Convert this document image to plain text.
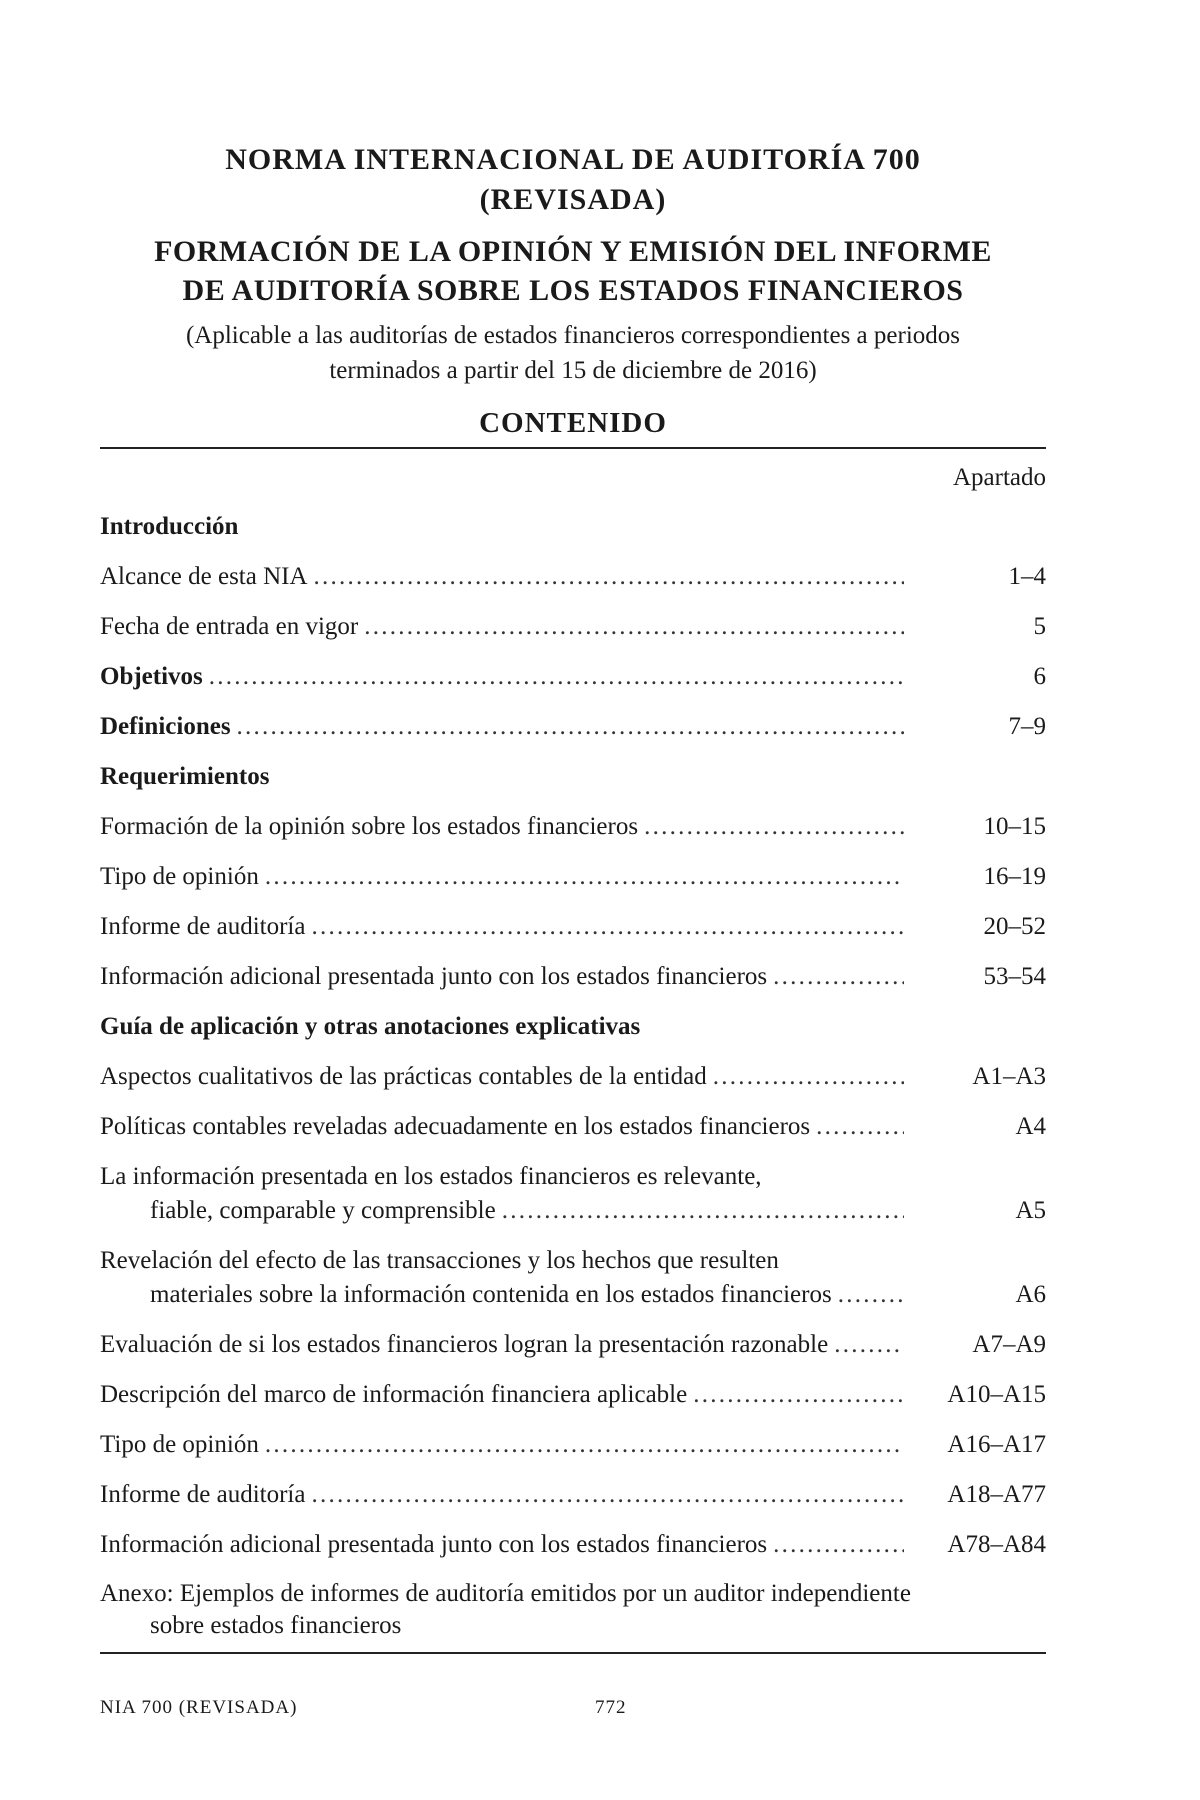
NORMA INTERNACIONAL DE AUDITORÍA 700
(REVISADA)
FORMACIÓN DE LA OPINIÓN Y EMISIÓN DEL INFORME
DE AUDITORÍA SOBRE LOS ESTADOS FINANCIEROS
(Aplicable a las auditorías de estados financieros correspondientes a periodos
terminados a partir del 15 de diciembre de 2016)
CONTENIDO
Apartado
Introducción
Alcance de esta NIA . . .	1–4
Fecha de entrada en vigor . . .	5
Objetivos . . .	6
Definiciones . . .	7–9
Requerimientos
Formación de la opinión sobre los estados financieros . . .	10–15
Tipo de opinión . . .	16–19
Informe de auditoría . . .	20–52
Información adicional presentada junto con los estados financieros . . .	53–54
Guía de aplicación y otras anotaciones explicativas
Aspectos cualitativos de las prácticas contables de la entidad . . .	A1–A3
Políticas contables reveladas adecuadamente en los estados financieros . . .	A4
La información presentada en los estados financieros es relevante,
fiable, comparable y comprensible . . .	A5
Revelación del efecto de las transacciones y los hechos que resulten
materiales sobre la información contenida en los estados financieros . . .	A6
Evaluación de si los estados financieros logran la presentación razonable . . .	A7–A9
Descripción del marco de información financiera aplicable . . .	A10–A15
Tipo de opinión . . .	A16–A17
Informe de auditoría . . .	A18–A77
Información adicional presentada junto con los estados financieros . . .	A78–A84
Anexo: Ejemplos de informes de auditoría emitidos por un auditor independiente
sobre estados financieros
NIA 700 (REVISADA)	772
